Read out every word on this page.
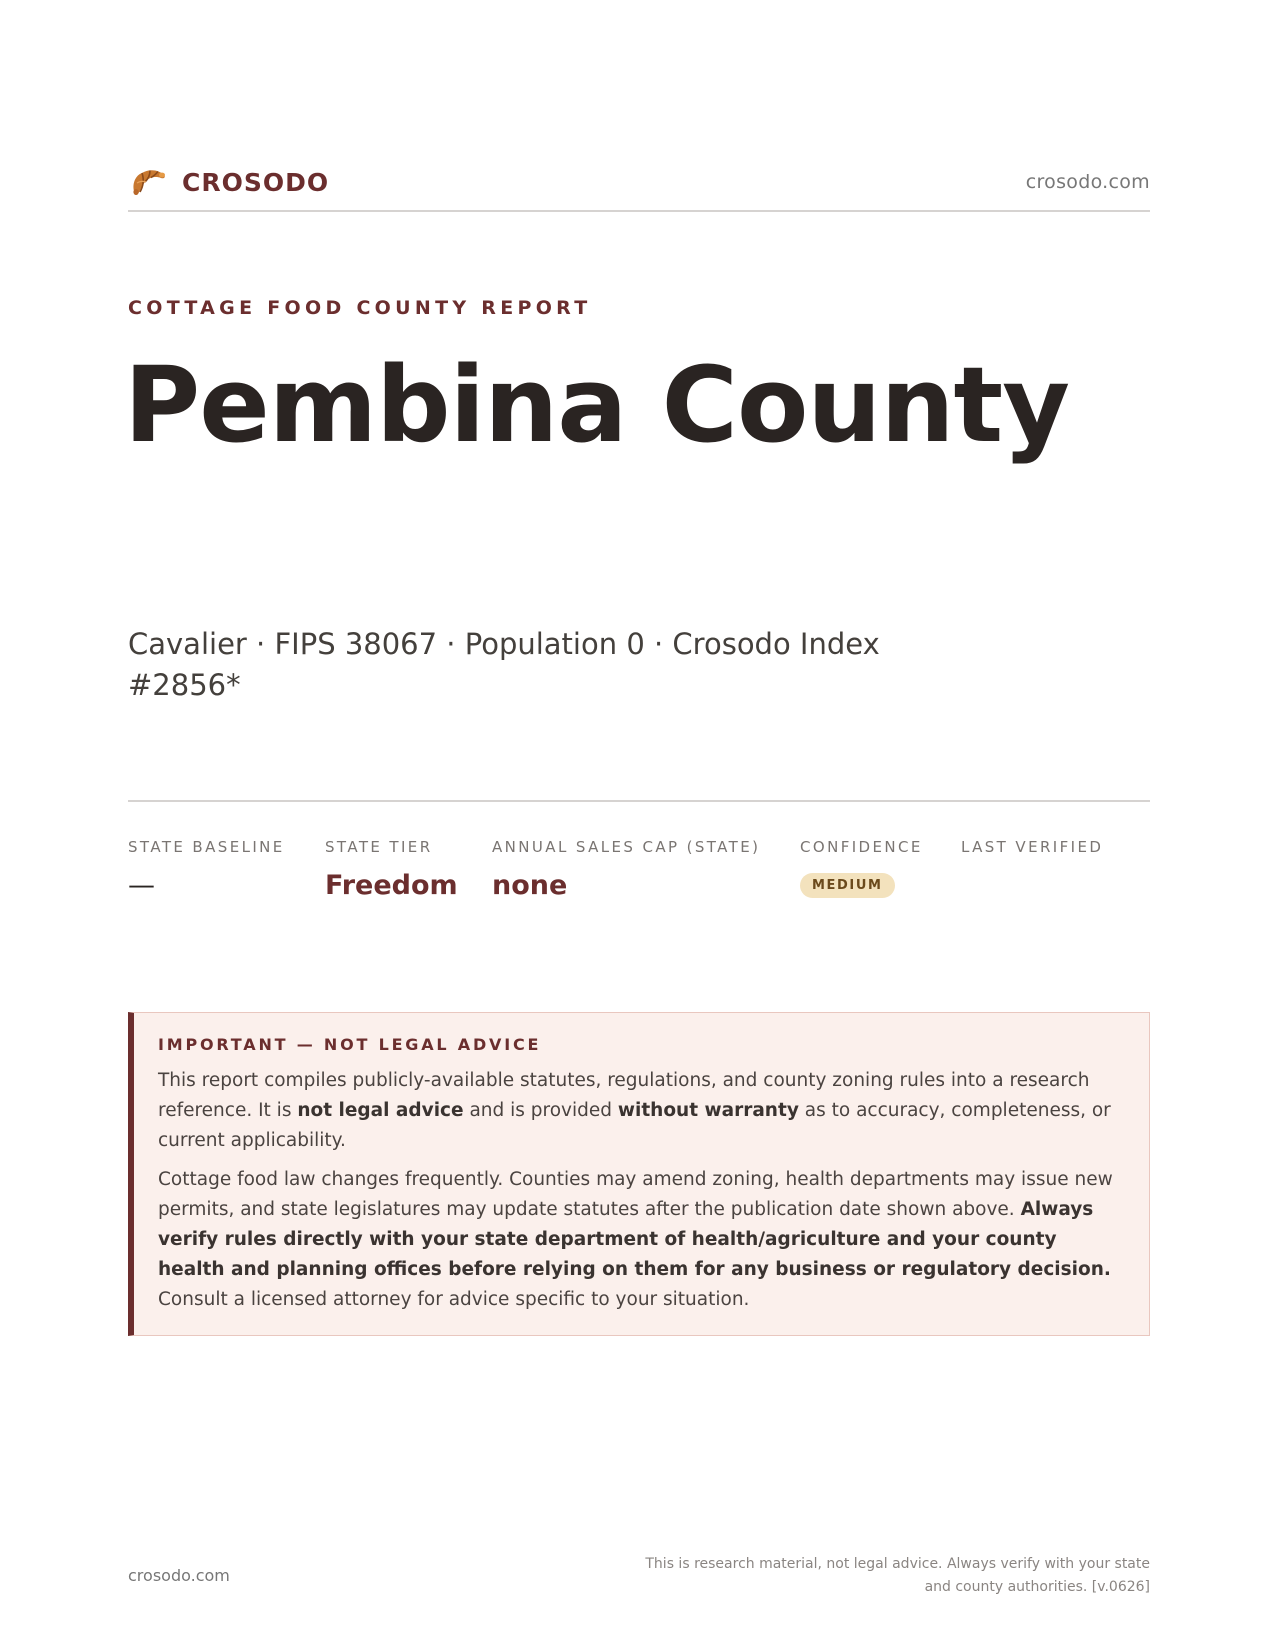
CROSODO	crosodo.com
COTTAGE FOOD COUNTY REPORT
Pembina County
Cavalier · FIPS 38067 · Population 0 · Crosodo Index #2856*
STATE BASELINE
—
STATE TIER
Freedom
ANNUAL SALES CAP (STATE)
none
CONFIDENCE
MEDIUM
LAST VERIFIED
IMPORTANT — NOT LEGAL ADVICE

This report compiles publicly-available statutes, regulations, and county zoning rules into a research reference. It is not legal advice and is provided without warranty as to accuracy, completeness, or current applicability.

Cottage food law changes frequently. Counties may amend zoning, health departments may issue new permits, and state legislatures may update statutes after the publication date shown above. Always verify rules directly with your state department of health/agriculture and your county health and planning offices before relying on them for any business or regulatory decision. Consult a licensed attorney for advice specific to your situation.

crosodo.com
This is research material, not legal advice. Always verify with your state
and county authorities. [v.0626]
